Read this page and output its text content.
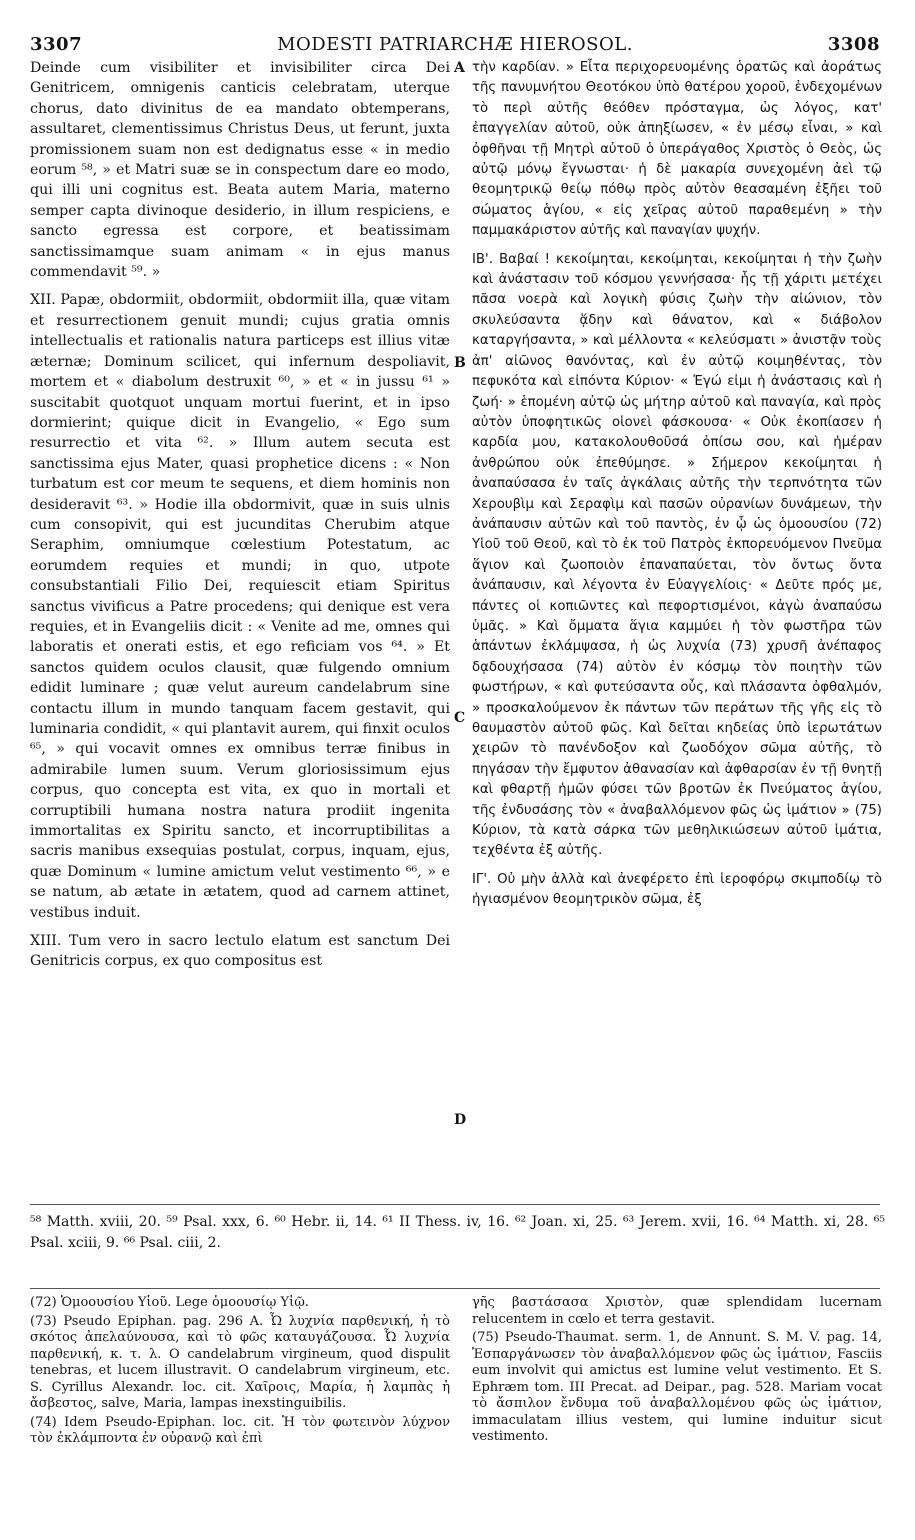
3307	MODESTI PATRIARCHÆ HIEROSOL.	3308
A
B
C
D

Deinde cum visibiliter et invisibiliter circa Dei Genitricem, omnigenis canticis celebratam, uterque chorus, dato divinitus de ea mandato obtemperans, assultaret, clementissimus Christus Deus, ut ferunt, juxta promissionem suam non est dedignatus esse « in medio eorum ⁵⁸, » et Matri suæ se in conspectum dare eo modo, qui illi uni cognitus est. Beata autem Maria, materno semper capta divinoque desiderio, in illum respiciens, e sancto egressa est corpore, et beatissimam sanctissimamque suam animam « in ejus manus commendavit ⁵⁹. »

XII. Papæ, obdormiit, obdormiit, obdormiit illa, quæ vitam et resurrectionem genuit mundi; cujus gratia omnis intellectualis et rationalis natura particeps est illius vitæ æternæ; Dominum scilicet, qui infernum despoliavit, mortem et « diabolum destruxit ⁶⁰, » et « in jussu ⁶¹ » suscitabit quotquot unquam mortui fuerint, et in ipso dormierint; quique dicit in Evangelio, « Ego sum resurrectio et vita ⁶². » Illum autem secuta est sanctissima ejus Mater, quasi prophetice dicens : « Non turbatum est cor meum te sequens, et diem hominis non desideravit ⁶³. » Hodie illa obdormivit, quæ in suis ulnis cum consopivit, qui est jucunditas Cherubim atque Seraphim, omniumque cœlestium Potestatum, ac eorumdem requies et mundi; in quo, utpote consubstantiali Filio Dei, requiescit etiam Spiritus sanctus vivificus a Patre procedens; qui denique est vera requies, et in Evangeliis dicit : « Venite ad me, omnes qui laboratis et onerati estis, et ego reficiam vos ⁶⁴. » Et sanctos quidem oculos clausit, quæ fulgendo omnium edidit luminare ; quæ velut aureum candelabrum sine contactu illum in mundo tanquam facem gestavit, qui luminaria condidit, « qui plantavit aurem, qui finxit oculos ⁶⁵, » qui vocavit omnes ex omnibus terræ finibus in admirabile lumen suum. Verum gloriosissimum ejus corpus, quo concepta est vita, ex quo in mortali et corruptibili humana nostra natura prodiit ingenita immortalitas ex Spiritu sancto, et incorruptibilitas a sacris manibus exsequias postulat, corpus, inquam, ejus, quæ Dominum « lumine amictum velut vestimento ⁶⁶, » e se natum, ab ætate in ætatem, quod ad carnem attinet, vestibus induit.

XIII. Tum vero in sacro lectulo elatum est sanctum Dei Genitricis corpus, ex quo compositus est

τὴν καρδίαν. » Εἶτα περιχορευομένης ὁρατῶς καὶ ἀοράτως τῆς πανυμνήτου Θεοτόκου ὑπὸ θατέρου χοροῦ, ἐνδεχομένων τὸ περὶ αὐτῆς θεόθεν πρόσταγμα, ὡς λόγος, κατ' ἐπαγγελίαν αὐτοῦ, οὐκ ἀπηξίωσεν, « ἐν μέσῳ εἶναι, » καὶ ὀφθῆναι τῇ Μητρὶ αὐτοῦ ὁ ὑπεράγαθος Χριστὸς ὁ Θεὸς, ὡς αὐτῷ μόνῳ ἔγνωσται· ἡ δὲ μακαρία συνεχομένη ἀεὶ τῷ θεομητρικῷ θείῳ πόθῳ πρὸς αὐτὸν θεασαμένη ἐξῆει τοῦ σώματος ἁγίου, « εἰς χεῖρας αὐτοῦ παραθεμένη » τὴν παμμακάριστον αὐτῆς καὶ παναγίαν ψυχήν.

ΙΒ'. Βαβαί ! κεκοίμηται, κεκοίμηται, κεκοίμηται ἡ τὴν ζωὴν καὶ ἀνάστασιν τοῦ κόσμου γεννήσασα· ἧς τῇ χάριτι μετέχει πᾶσα νοερὰ καὶ λογικὴ φύσις ζωὴν τὴν αἰώνιον, τὸν σκυλεύσαντα ᾅδην καὶ θάνατον, καὶ « διάβολον καταργήσαντα, » καὶ μέλλοντα « κελεύσματι » ἀνιστᾷν τοὺς ἀπ' αἰῶνος θανόντας, καὶ ἐν αὐτῷ κοιμηθέντας, τὸν πεφυκότα καὶ εἰπόντα Κύριον· « Ἐγώ εἰμι ἡ ἀνάστασις καὶ ἡ ζωή· » ἑπομένη αὐτῷ ὡς μήτηρ αὐτοῦ καὶ παναγία, καὶ πρὸς αὐτὸν ὑποφητικῶς οἱονεὶ φάσκουσα· « Οὐκ ἐκοπίασεν ἡ καρδία μου, κατακολουθοῦσά ὀπίσω σου, καὶ ἡμέραν ἀνθρώπου οὐκ ἐπεθύμησε. » Σήμερον κεκοίμηται ἡ ἀναπαύσασα ἐν ταῖς ἀγκάλαις αὐτῆς τὴν τερπνότητα τῶν Χερουβὶμ καὶ Σεραφὶμ καὶ πασῶν οὐρανίων δυνάμεων, τὴν ἀνάπαυσιν αὐτῶν καὶ τοῦ παντὸς, ἐν ᾧ ὡς ὁμοουσίου (72) Υἱοῦ τοῦ Θεοῦ, καὶ τὸ ἐκ τοῦ Πατρὸς ἐκπορευόμενον Πνεῦμα ἅγιον καὶ ζωοποιὸν ἐπαναπαύεται, τὸν ὄντως ὄντα ἀνάπαυσιν, καὶ λέγοντα ἐν Εὐαγγελίοις· « Δεῦτε πρός με, πάντες οἱ κοπιῶντες καὶ πεφορτισμένοι, κἀγὼ ἀναπαύσω ὑμᾶς. » Καὶ ὄμματα ἅγια καμμύει ἡ τὸν φωστῆρα τῶν ἁπάντων ἐκλάμψασα, ἡ ὡς λυχνία (73) χρυσῆ ἀνέπαφος δᾳδουχήσασα (74) αὐτὸν ἐν κόσμῳ τὸν ποιητὴν τῶν φωστήρων, « καὶ φυτεύσαντα οὖς, καὶ πλάσαντα ὀφθαλμόν, » προσκαλούμενον ἐκ πάντων τῶν περάτων τῆς γῆς εἰς τὸ θαυμαστὸν αὐτοῦ φῶς. Καὶ δεῖται κηδείας ὑπὸ ἱερωτάτων χειρῶν τὸ πανένδοξον καὶ ζωοδόχον σῶμα αὐτῆς, τὸ πηγάσαν τὴν ἔμφυτον ἀθανασίαν καὶ ἀφθαρσίαν ἐν τῇ θνητῇ καὶ φθαρτῇ ἡμῶν φύσει τῶν βροτῶν ἐκ Πνεύματος ἁγίου, τῆς ἐνδυσάσης τὸν « ἀναβαλλόμενον φῶς ὡς ἱμάτιον » (75) Κύριον, τὰ κατὰ σάρκα τῶν μεθηλικιώσεων αὐτοῦ ἱμάτια, τεχθέντα ἐξ αὐτῆς.

ΙΓ'. Οὐ μὴν ἀλλὰ καὶ ἀνεφέρετο ἐπὶ ἱεροφόρῳ σκιμποδίῳ τὸ ἡγιασμένον θεομητρικὸν σῶμα, ἐξ

⁵⁸ Matth. xviii, 20. ⁵⁹ Psal. xxx, 6. ⁶⁰ Hebr. ii, 14. ⁶¹ II Thess. iv, 16. ⁶² Joan. xi, 25. ⁶³ Jerem. xvii, 16. ⁶⁴ Matth. xi, 28. ⁶⁵ Psal. xciii, 9. ⁶⁶ Psal. ciii, 2.

(72) Ὁμοουσίου Υἱοῦ. Lege ὁμοουσίῳ Υἱῷ.

(73) Pseudo Epiphan. pag. 296 A. Ὦ λυχνία παρθενική, ἡ τὸ σκότος ἀπελαύνουσα, καὶ τὸ φῶς καταυγάζουσα. Ὦ λυχνία παρθενική, κ. τ. λ. O candelabrum virgineum, quod dispulit tenebras, et lucem illustravit. O candelabrum virgineum, etc. S. Cyrillus Alexandr. loc. cit. Χαῖροις, Μαρία, ἡ λαμπὰς ἡ ἄσβεστος, salve, Maria, lampas inexstinguibilis.

(74) Idem Pseudo-Epiphan. loc. cit. Ἡ τὸν φωτεινὸν λύχνον τὸν ἐκλάμποντα ἐν οὐρανῷ καὶ ἐπὶ

γῆς βαστάσασα Χριστὸν, quæ splendidam lucernam relucentem in cœlo et terra gestavit.

(75) Pseudo-Thaumat. serm. 1, de Annunt. S. M. V. pag. 14, Ἐσπαργάνωσεν τὸν ἀναβαλλόμενον φῶς ὡς ἱμάτιον, Fasciis eum involvit qui amictus est lumine velut vestimento. Et S. Ephræm tom. III Precat. ad Deipar., pag. 528. Mariam vocat τὸ ἄσπιλον ἔνδυμα τοῦ ἀναβαλλομένου φῶς ὡς ἱμάτιον, immaculatam illius vestem, qui lumine induitur sicut vestimento.
